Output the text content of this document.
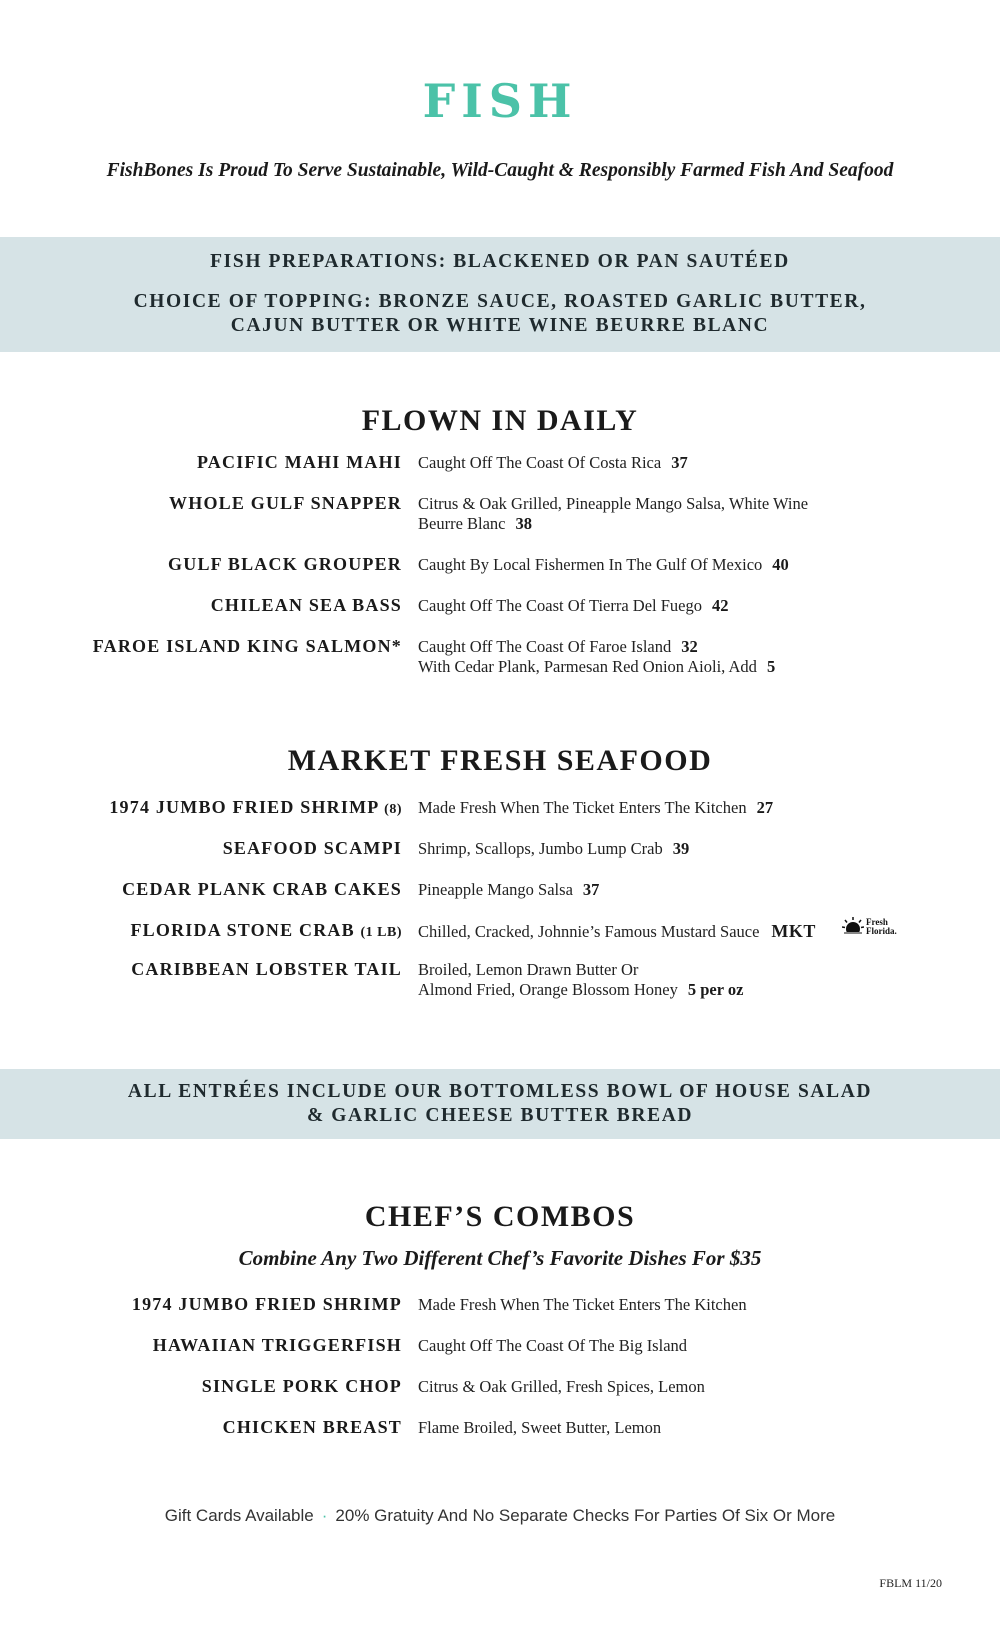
FISH
FishBones Is Proud To Serve Sustainable, Wild-Caught & Responsibly Farmed Fish And Seafood
FISH PREPARATIONS: BLACKENED OR PAN SAUTÉED
CHOICE OF TOPPING: BRONZE SAUCE, ROASTED GARLIC BUTTER,
CAJUN BUTTER OR WHITE WINE BEURRE BLANC
FLOWN IN DAILY
PACIFIC MAHI MAHI Caught Off The Coast Of Costa Rica 37
WHOLE GULF SNAPPER Citrus & Oak Grilled, Pineapple Mango Salsa, White Wine
Beurre Blanc 38
GULF BLACK GROUPER Caught By Local Fishermen In The Gulf Of Mexico 40
CHILEAN SEA BASS Caught Off The Coast Of Tierra Del Fuego 42
FAROE ISLAND KING SALMON* Caught Off The Coast Of Faroe Island 32
With Cedar Plank, Parmesan Red Onion Aioli, Add 5
MARKET FRESH SEAFOOD
1974 JUMBO FRIED SHRIMP (8) Made Fresh When The Ticket Enters The Kitchen 27
SEAFOOD SCAMPI Shrimp, Scallops, Jumbo Lump Crab 39
CEDAR PLANK CRAB CAKES Pineapple Mango Salsa 37
FLORIDA STONE CRAB (1 LB) Chilled, Cracked, Johnnie’s Famous Mustard Sauce MKT	Fresh
Florida.
CARIBBEAN LOBSTER TAIL Broiled, Lemon Drawn Butter Or
Almond Fried, Orange Blossom Honey 5 per oz
ALL ENTRÉES INCLUDE OUR BOTTOMLESS BOWL OF HOUSE SALAD
& GARLIC CHEESE BUTTER BREAD
CHEF’S COMBOS
Combine Any Two Different Chef’s Favorite Dishes For $35
1974 JUMBO FRIED SHRIMP Made Fresh When The Ticket Enters The Kitchen
HAWAIIAN TRIGGERFISH Caught Off The Coast Of The Big Island
SINGLE PORK CHOP Citrus & Oak Grilled, Fresh Spices, Lemon
CHICKEN BREAST Flame Broiled, Sweet Butter, Lemon
Gift Cards Available · 20% Gratuity And No Separate Checks For Parties Of Six Or More
FBLM 11/20
